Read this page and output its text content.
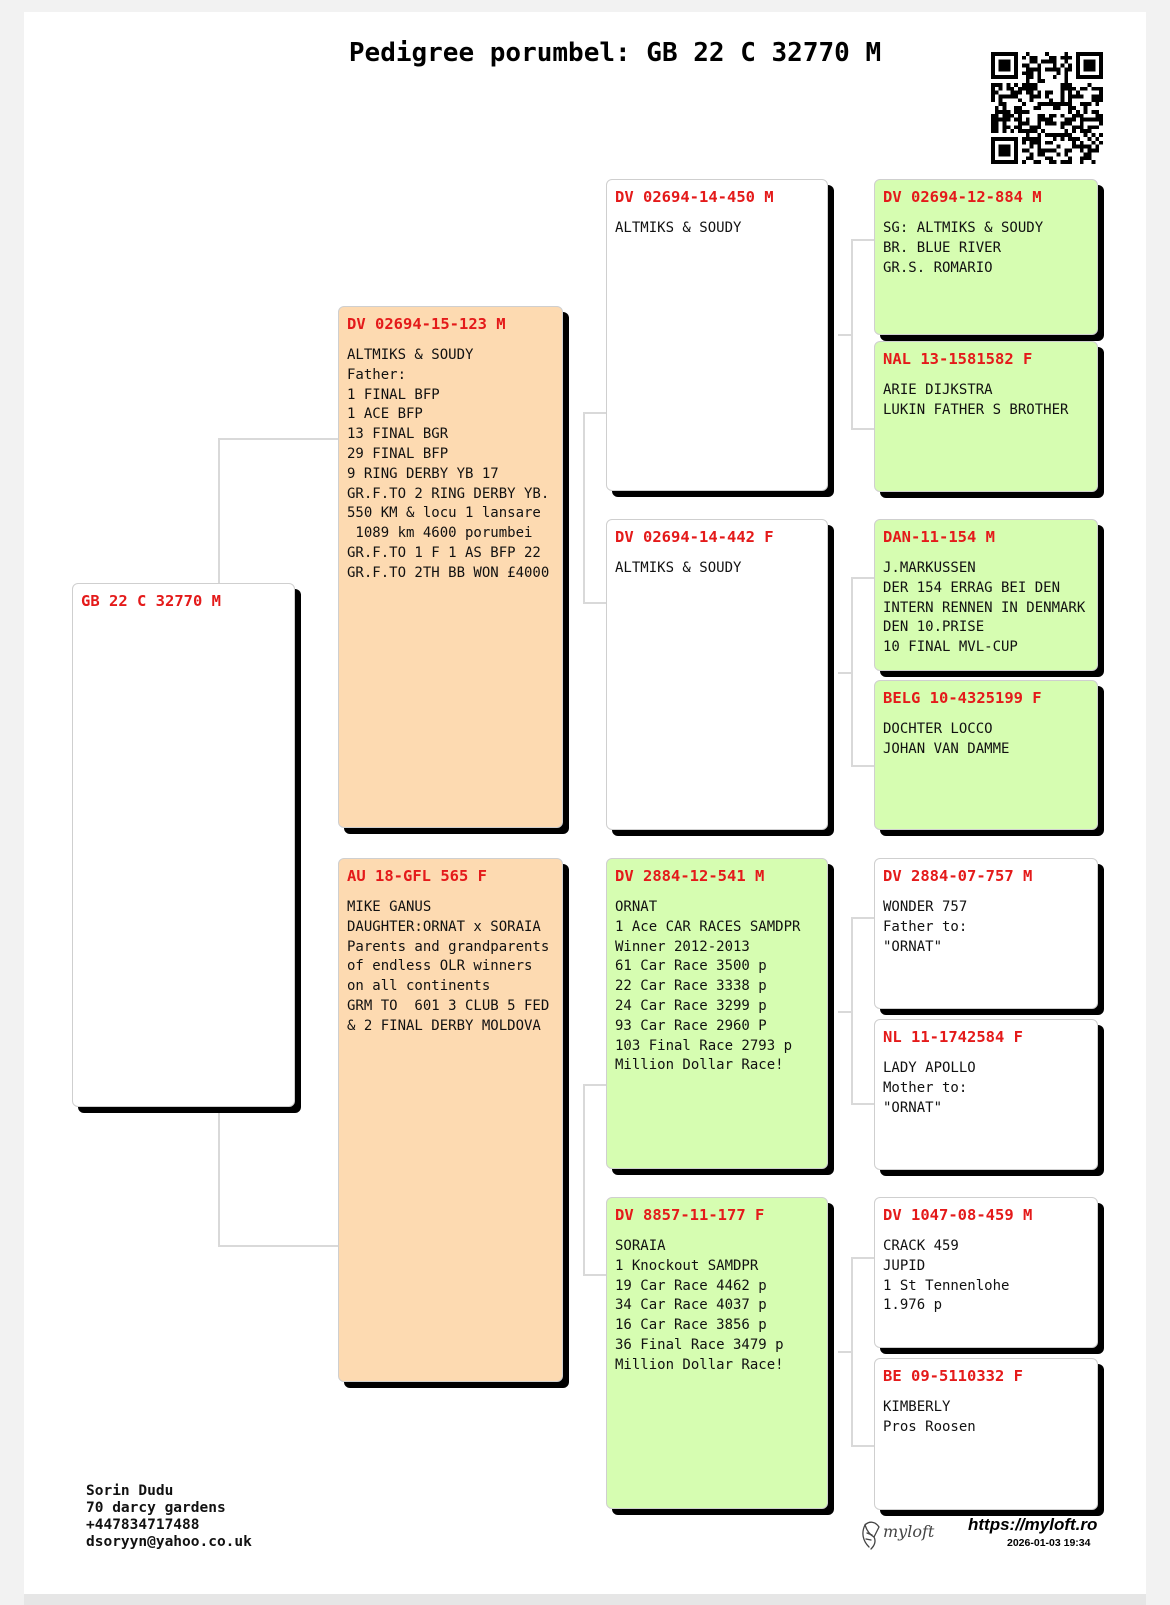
Pedigree porumbel: GB 22 C 32770 M
GB 22 C 32770 M
DV 02694-15-123 M
ALTMIKS & SOUDY
Father:
1 FINAL BFP
1 ACE BFP
13 FINAL BGR
29 FINAL BFP
9 RING DERBY YB 17
GR.F.TO 2 RING DERBY YB.
550 KM & locu 1 lansare
1089 km 4600 porumbei
GR.F.TO 1 F 1 AS BFP 22
GR.F.TO 2TH BB WON £4000
AU 18-GFL 565 F
MIKE GANUS
DAUGHTER:ORNAT x SORAIA
Parents and grandparents
of endless OLR winners
on all continents
GRM TO  601 3 CLUB 5 FED
& 2 FINAL DERBY MOLDOVA
DV 02694-14-450 M
ALTMIKS & SOUDY
DV 02694-14-442 F
ALTMIKS & SOUDY
DV 2884-12-541 M
ORNAT
1 Ace CAR RACES SAMDPR
Winner 2012-2013
61 Car Race 3500 p
22 Car Race 3338 p
24 Car Race 3299 p
93 Car Race 2960 P
103 Final Race 2793 p
Million Dollar Race!
DV 8857-11-177 F
SORAIA
1 Knockout SAMDPR
19 Car Race 4462 p
34 Car Race 4037 p
16 Car Race 3856 p
36 Final Race 3479 p
Million Dollar Race!
DV 02694-12-884 M
SG: ALTMIKS & SOUDY
BR. BLUE RIVER
GR.S. ROMARIO
NAL 13-1581582 F
ARIE DIJKSTRA
LUKIN FATHER S BROTHER
DAN-11-154 M
J.MARKUSSEN
DER 154 ERRAG BEI DEN
INTERN RENNEN IN DENMARK
DEN 10.PRISE
10 FINAL MVL-CUP
BELG 10-4325199 F
DOCHTER LOCCO
JOHAN VAN DAMME
DV 2884-07-757 M
WONDER 757
Father to:
"ORNAT"
NL 11-1742584 F
LADY APOLLO
Mother to:
"ORNAT"
DV 1047-08-459 M
CRACK 459
JUPID
1 St Tennenlohe
1.976 p
BE 09-5110332 F
KIMBERLY
Pros Roosen
Sorin Dudu
70 darcy gardens
+447834717488
dsoryyn@yahoo.co.uk
myloft https://myloft.ro
2026-01-03 19:34
